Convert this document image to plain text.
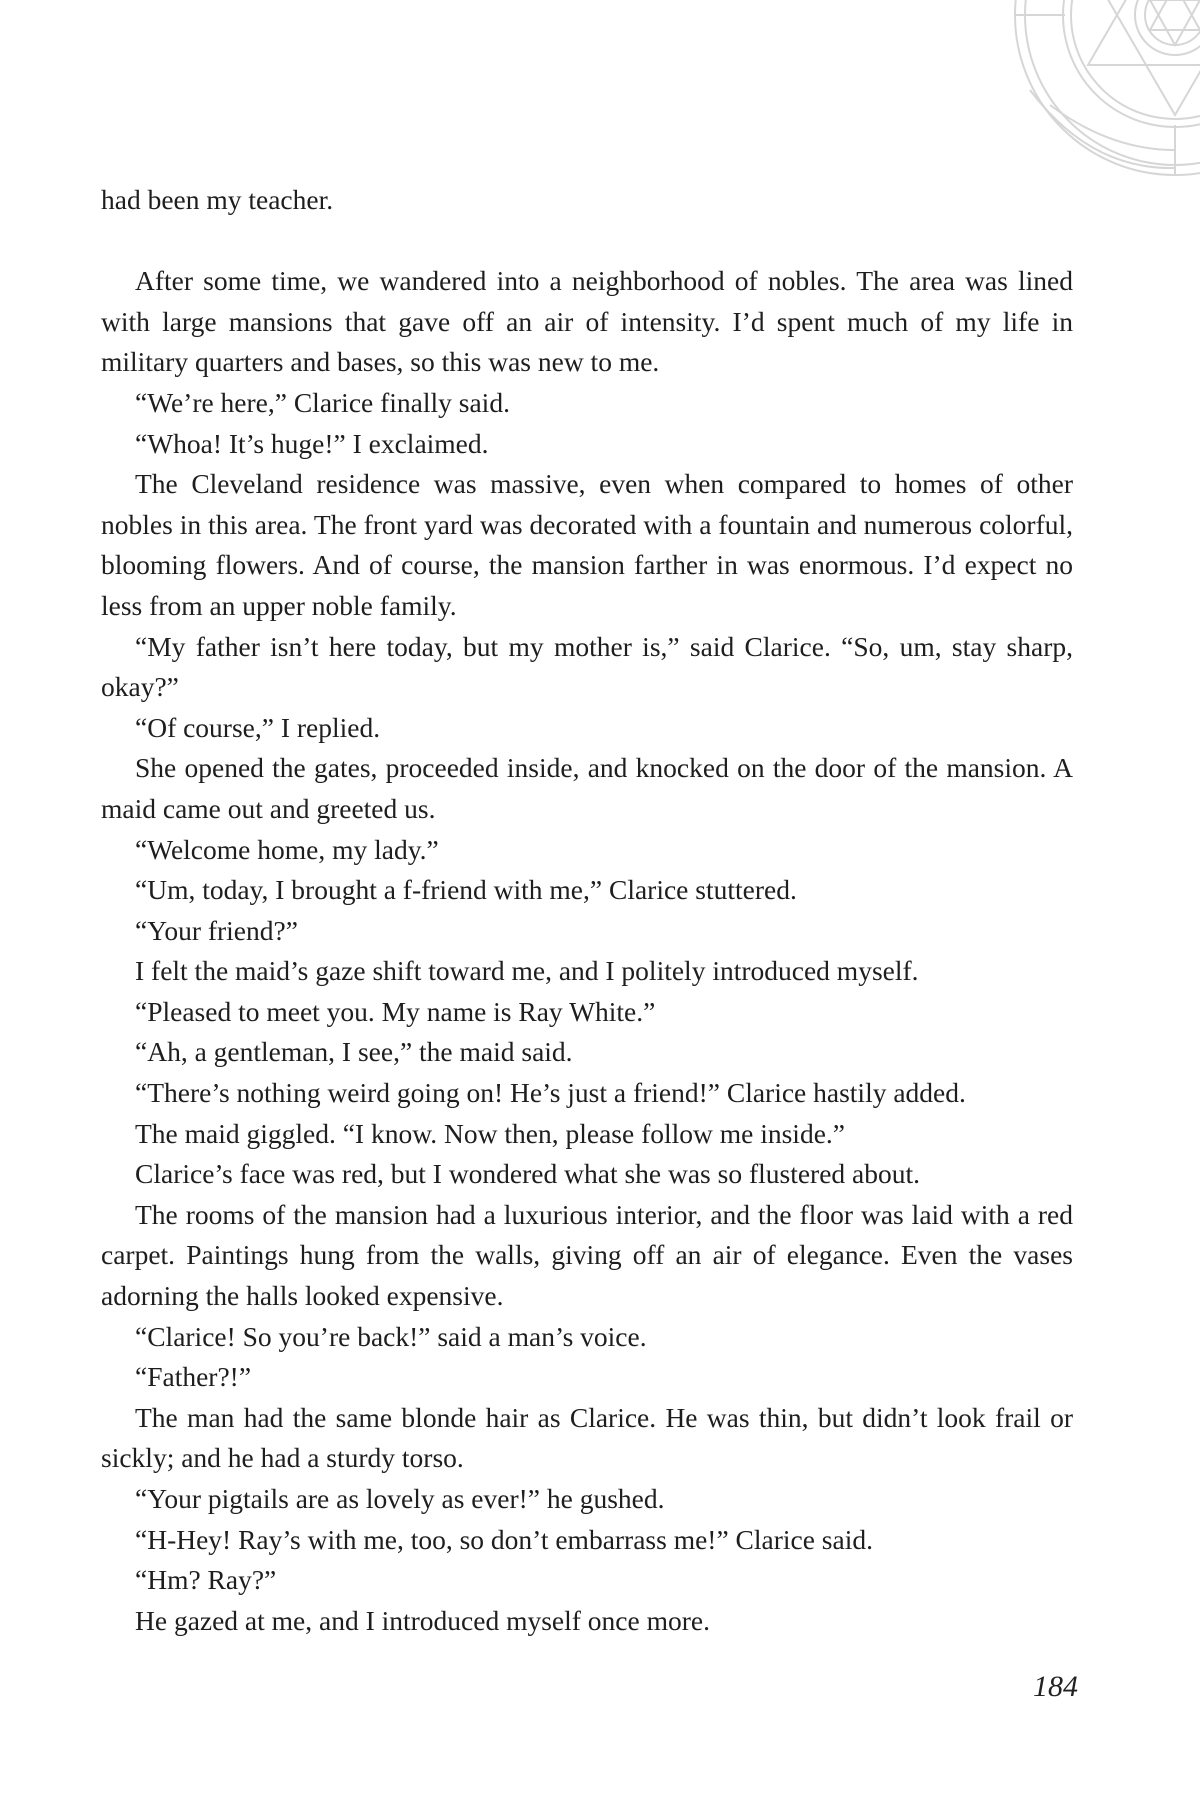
had been my teacher.

After some time, we wandered into a neighborhood of nobles. The area was lined with large mansions that gave off an air of intensity. I’d spent much of my life in military quarters and bases, so this was new to me.

“We’re here,” Clarice finally said.

“Whoa! It’s huge!” I exclaimed.

The Cleveland residence was massive, even when compared to homes of other nobles in this area. The front yard was decorated with a fountain and numerous colorful, blooming flowers. And of course, the mansion farther in was enormous. I’d expect no less from an upper noble family.

“My father isn’t here today, but my mother is,” said Clarice. “So, um, stay sharp, okay?”

“Of course,” I replied.

She opened the gates, proceeded inside, and knocked on the door of the mansion. A maid came out and greeted us.

“Welcome home, my lady.”

“Um, today, I brought a f-friend with me,” Clarice stuttered.

“Your friend?”

I felt the maid’s gaze shift toward me, and I politely introduced myself.

“Pleased to meet you. My name is Ray White.”

“Ah, a gentleman, I see,” the maid said.

“There’s nothing weird going on! He’s just a friend!” Clarice hastily added.

The maid giggled. “I know. Now then, please follow me inside.”

Clarice’s face was red, but I wondered what she was so flustered about.

The rooms of the mansion had a luxurious interior, and the floor was laid with a red carpet. Paintings hung from the walls, giving off an air of elegance. Even the vases adorning the halls looked expensive.

“Clarice! So you’re back!” said a man’s voice.

“Father?!”

The man had the same blonde hair as Clarice. He was thin, but didn’t look frail or sickly; and he had a sturdy torso.

“Your pigtails are as lovely as ever!” he gushed.

“H-Hey! Ray’s with me, too, so don’t embarrass me!” Clarice said.

“Hm? Ray?”

He gazed at me, and I introduced myself once more.

184
